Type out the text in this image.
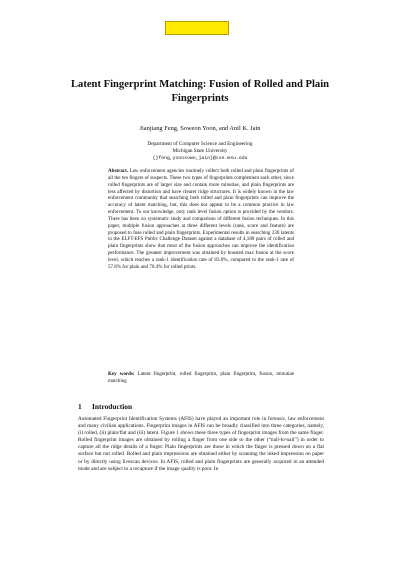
Latent Fingerprint Matching: Fusion of Rolled and Plain Fingerprints
Jianjiang Feng, Soweon Yoon, and Anil K. Jain
Department of Computer Science and Engineering
Michigan State University
{jfeng,yoonsowo,jain}@cse.msu.edu
Abstract. Law enforcement agencies routinely collect both rolled and plain fingerprints of all the ten fingers of suspects. These two types of fingerprints complement each other, since rolled fingerprints are of larger size and contain more minutiae, and plain fingerprints are less affected by distortion and have clearer ridge structures. It is widely known in the law enforcement community that searching both rolled and plain fingerprints can improve the accuracy of latent matching, but, this does not appear to be a common practice in law enforcement. To our knowledge, only rank level fusion option is provided by the vendors. There has been no systematic study and comparison of different fusion techniques. In this paper, multiple fusion approaches at three different levels (rank, score and feature) are proposed to fuse rolled and plain fingerprints. Experimental results in searching 230 latents in the ELFT-EFS Public Challenge Dataset against a database of 4,180 pairs of rolled and plain fingerprints show that most of the fusion approaches can improve the identification performance. The greatest improvement was obtained by boosted max fusion at the score level, which reaches a rank-1 identification rate of 83.0%, compared to the rank-1 rate of 57.8% for plain and 70.4% for rolled prints.
Key words: Latent fingerprint, rolled fingerprint, plain fingerprint, fusion, minutiae matching
1 Introduction
Automated Fingerprint Identification Systems (AFIS) have played an important role in forensic, law enforcement and many civilian applications. Fingerprint images in AFIS can be broadly classified into three categories, namely, (i) rolled, (ii) plain/flat and (iii) latent. Figure 1 shows these three types of fingerprint images from the same finger. Rolled fingerprint images are obtained by rolling a finger from one side to the other (“nail-to-nail”) in order to capture all the ridge details of a finger. Plain fingerprints are those in which the finger is pressed down on a flat surface but not rolled. Rolled and plain impressions are obtained either by scanning the inked impression on paper or by directly using livescan devices. In AFIS, rolled and plain fingerprints are generally acquired in an attended mode and are subject to a recapture if the image quality is poor. In
